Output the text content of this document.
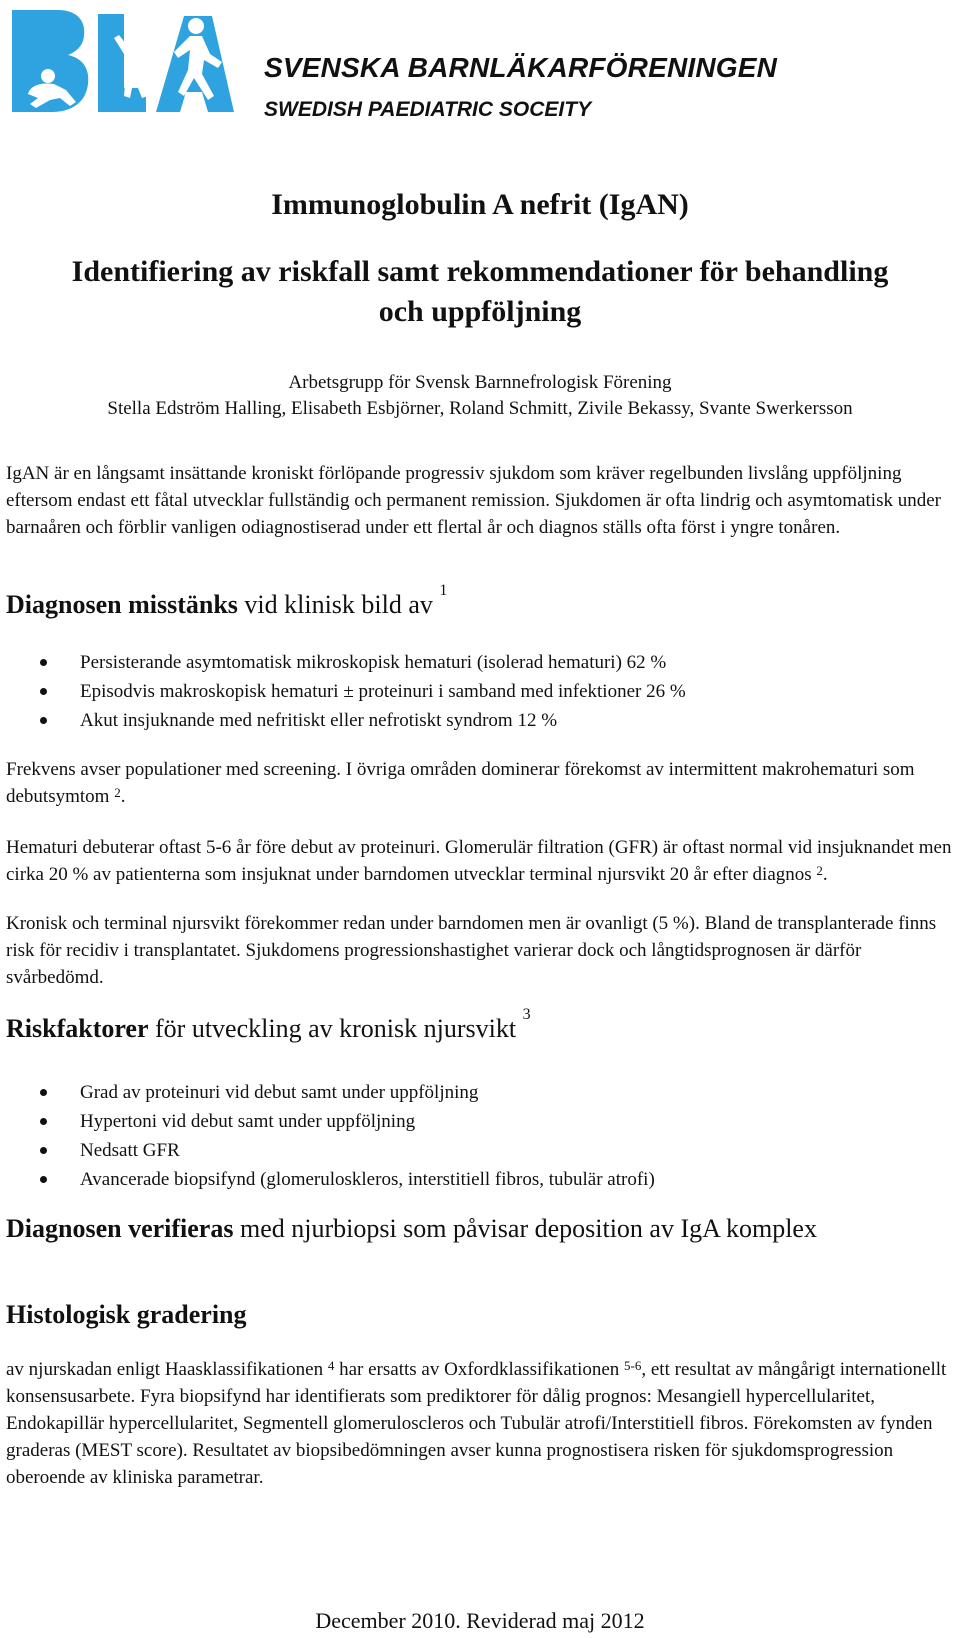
SVENSKA BARNLÄKARFÖRENINGEN
SWEDISH PAEDIATRIC SOCEITY
Immunoglobulin A nefrit (IgAN)
Identifiering av riskfall samt rekommendationer för behandling
och uppföljning
Arbetsgrupp för Svensk Barnnefrologisk Förening
Stella Edström Halling, Elisabeth Esbjörner, Roland Schmitt, Zivile Bekassy, Svante Swerkersson

IgAN är en långsamt insättande kroniskt förlöpande progressiv sjukdom som kräver regelbunden livslång uppföljning eftersom endast ett fåtal utvecklar fullständig och permanent remission. Sjukdomen är ofta lindrig och asymtomatisk under barnaåren och förblir vanligen odiagnostiserad under ett flertal år och diagnos ställs ofta först i yngre tonåren.

Diagnosen misstänks vid klinisk bild av $^1$
Persisterande asymtomatisk mikroskopisk hematuri (isolerad hematuri) 62 %
Episodvis makroskopisk hematuri ± proteinuri i samband med infektioner 26 %
Akut insjuknande med nefritiskt eller nefrotiskt syndrom 12 %

Frekvens avser populationer med screening. I övriga områden dominerar förekomst av intermittent makrohematuri som debutsymtom $^2$.

Hematuri debuterar oftast 5-6 år före debut av proteinuri. Glomerulär filtration (GFR) är oftast normal vid insjuknandet men cirka 20 % av patienterna som insjuknat under barndomen utvecklar terminal njursvikt 20 år efter diagnos $^2$.

Kronisk och terminal njursvikt förekommer redan under barndomen men är ovanligt (5 %). Bland de transplanterade finns risk för recidiv i transplantatet. Sjukdomens progressionshastighet varierar dock och långtidsprognosen är därför svårbedömd.

Riskfaktorer för utveckling av kronisk njursvikt $^3$
Grad av proteinuri vid debut samt under uppföljning
Hypertoni vid debut samt under uppföljning
Nedsatt GFR
Avancerade biopsifynd (glomeruloskleros, interstitiell fibros, tubulär atrofi)
Diagnosen verifieras med njurbiopsi som påvisar deposition av IgA komplex
Histologisk gradering

av njurskadan enligt Haasklassifikationen $^4$ har ersatts av Oxfordklassifikationen $^{5-6}$, ett resultat av mångårigt internationellt konsensusarbete. Fyra biopsifynd har identifierats som prediktorer för dålig prognos: Mesangiell hypercellularitet, Endokapillär hypercellularitet, Segmentell glomeruloscleros och Tubulär atrofi/Interstitiell fibros. Förekomsten av fynden graderas (MEST score). Resultatet av biopsibedömningen avser kunna prognostisera risken för sjukdomsprogression oberoende av kliniska parametrar.

December 2010. Reviderad maj 2012
